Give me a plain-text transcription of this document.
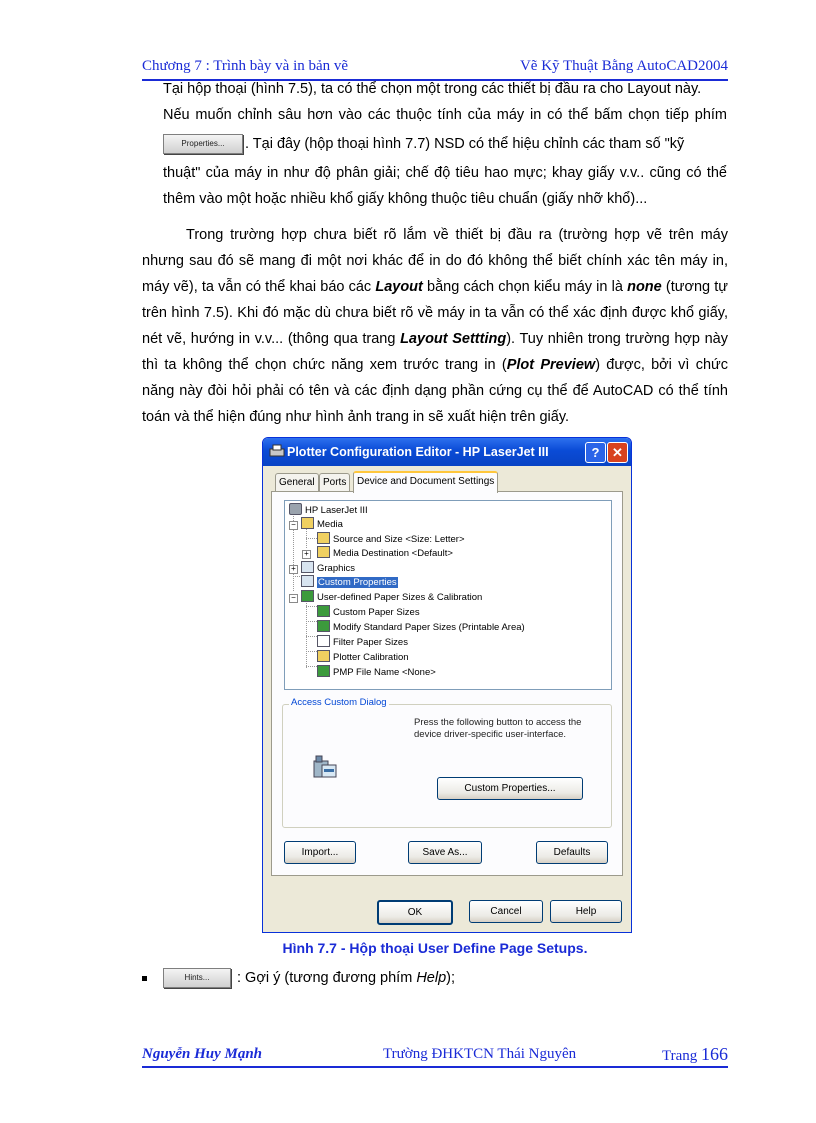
Chương 7 : Trình bày và in bản vẽ	Vẽ Kỹ Thuật Bằng AutoCAD2004
Tại hộp thoại (hình 7.5), ta có thể chọn một trong các thiết bị đầu ra cho Layout này.
Nếu muốn chỉnh sâu hơn vào các thuộc tính của máy in có thể bấm chọn tiếp phím
Properties... . Tại đây (hộp thoại hình 7.7) NSD có thể hiệu chỉnh các tham số "kỹ
thuật" của máy in như độ phân giải; chế độ tiêu hao mực; khay giấy v.v.. cũng có thể
thêm vào một hoặc nhiều khổ giấy không thuộc tiêu chuẩn (giấy nhỡ khổ)...
Trong trường hợp chưa biết rõ lắm về thiết bị đầu ra (trường hợp vẽ trên máy nhưng sau đó sẽ mang đi một nơi khác để in do đó không thể biết chính xác tên máy in, máy vẽ), ta vẫn có thể khai báo các Layout bằng cách chọn kiểu máy in là none (tương tự trên hình 7.5). Khi đó mặc dù chưa biết rõ về máy in ta vẫn có thể xác định được khổ giấy, nét vẽ, hướng in v.v... (thông qua trang Layout Settting). Tuy nhiên trong trường hợp này thì ta không thể chọn chức năng xem trước trang in (Plot Preview) được, bởi vì chức năng này đòi hỏi phải có tên và các định dạng phần cứng cụ thể để AutoCAD có thể tính toán và thể hiện đúng như hình ảnh trang in sẽ xuất hiện trên giấy.
Plotter Configuration Editor - HP LaserJet III	? ✕
General Ports	Device and Document Settings
HP LaserJet III
−	Media
Source and Size <Size: Letter>
+	Media Destination <Default>
+	Graphics
Custom Properties
−	User-defined Paper Sizes & Calibration
Custom Paper Sizes
Modify Standard Paper Sizes (Printable Area)
Filter Paper Sizes
Plotter Calibration
PMP File Name <None>
Access Custom Dialog
Press the following button to access the device driver-specific user-interface.
Custom Properties...
Import...	Save As...	Defaults
OK	Cancel	Help
Hình 7.7 - Hộp thoại User Define Page Setups.
Hints... : Gợi ý (tương đương phím Help);
Nguyễn Huy Mạnh	Trường ĐHKTCN Thái Nguyên	Trang 166
